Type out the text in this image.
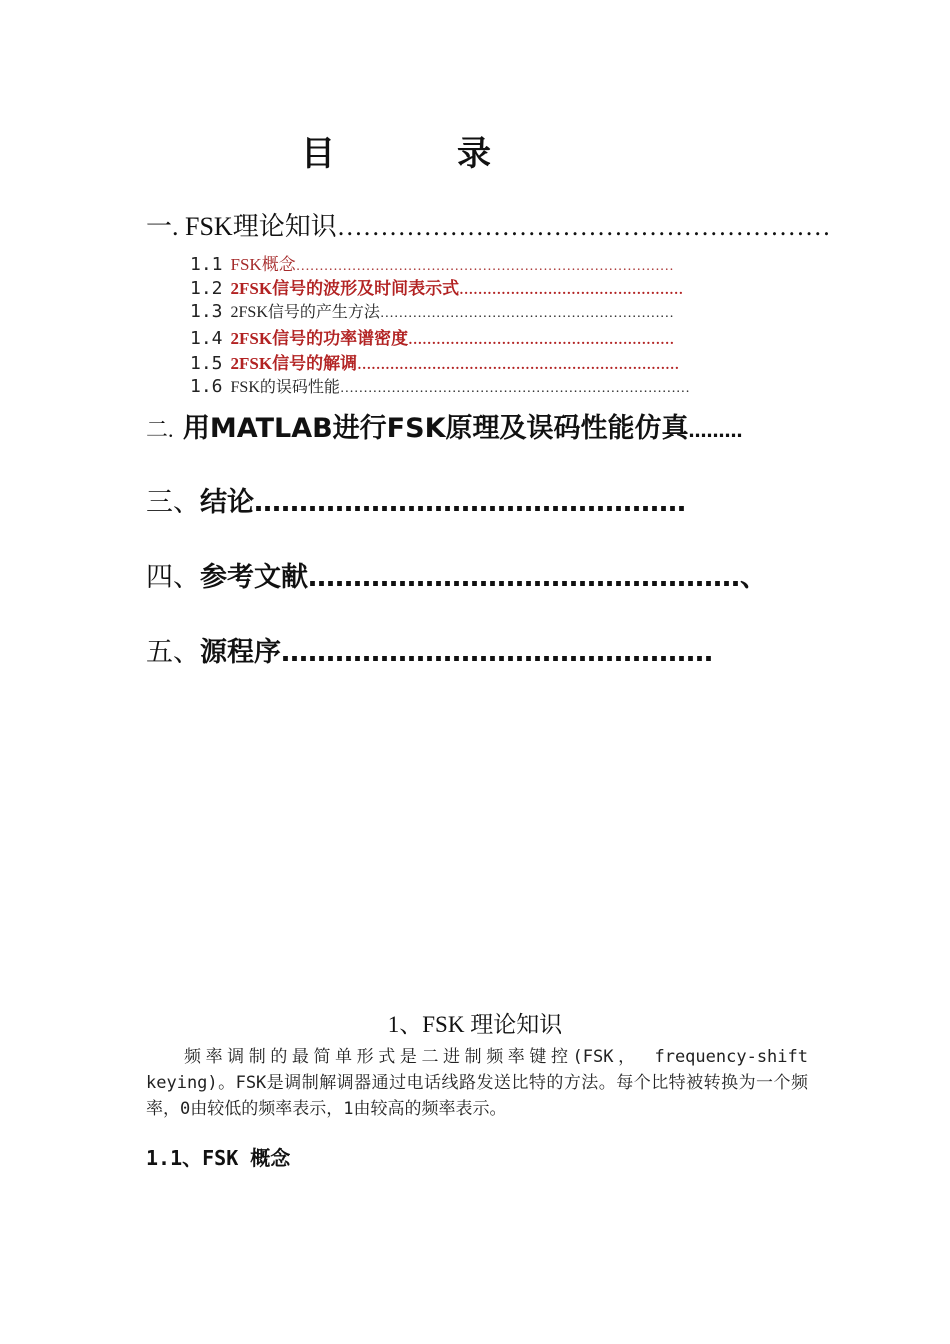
目　录
一. FSK理论知识…………………………………………………
1.1 FSK概念………………………………………………………………………
1.2 2FSK信号的波形及时间表示式…………………………………………
1.3 2FSK信号的产生方法………………………………………………………
1.4 2FSK信号的功率谱密度…………………………………………………
1.5 2FSK信号的解调……………………………………………………………
1.6 FSK的误码性能…………………………………………………………………
二. 用MATLAB进行FSK原理及误码性能仿真………
三、结论…………………………………………
四、参考文献…………………………………………、
五、源程序…………………………………………
1、FSK 理论知识
频率调制的最简单形式是二进制频率键控(FSK， frequency-shift keying)。FSK是调制解调器通过电话线路发送比特的方法。每个比特被转换为一个频率，0由较低的频率表示，1由较高的频率表示。
1.1、FSK 概念
